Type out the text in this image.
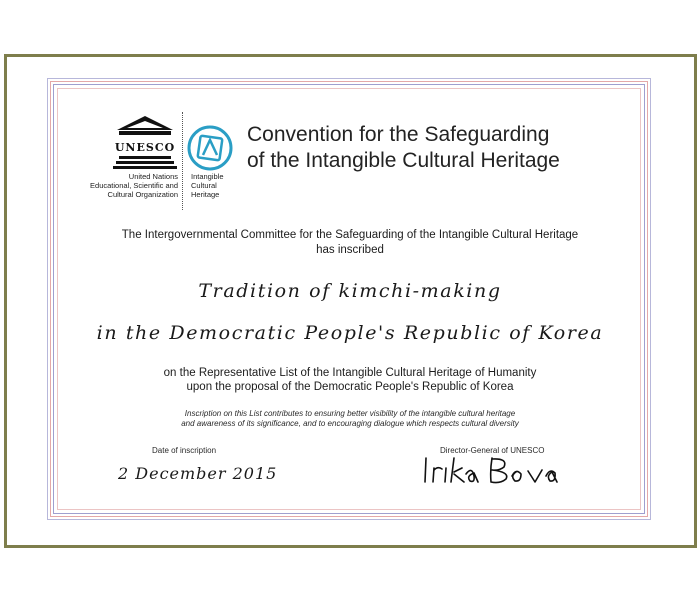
UNESCO
United Nations
Educational, Scientific and
Cultural Organization
Intangible
Cultural
Heritage
Convention for the Safeguarding
of the Intangible Cultural Heritage
The Intergovernmental Committee for the Safeguarding of the Intangible Cultural Heritage
has inscribed
Tradition of kimchi-making
in the Democratic People's Republic of Korea
on the Representative List of the Intangible Cultural Heritage of Humanity
upon the proposal of the Democratic People's Republic of Korea
Inscription on this List contributes to ensuring better visibility of the intangible cultural heritage
and awareness of its significance, and to encouraging dialogue which respects cultural diversity
Date of inscription
2 December 2015
Director-General of UNESCO
